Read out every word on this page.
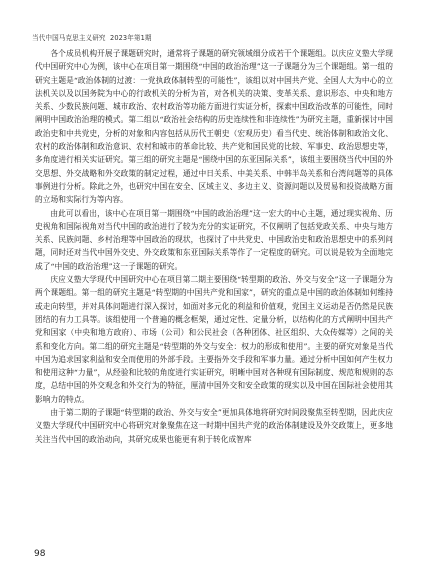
当代中国马克思主义研究 2023年第1期

各个成员机构开展子课题研究时，通常将子课题的研究领域细分成若干个课题组。以庆应义塾大学现代中国研究中心为例，该中心在项目第一期围绕“中国的政治治理”这一子课题分为三个课题组。第一组的研究主题是“政治体制的过渡：一党执政体制转型的可能性”，该组以对中国共产党、全国人大为中心的立法机关以及以国务院为中心的行政机关的分析为首，对各机关的决策、变革关系、意识形态、中央和地方关系、少数民族问题、城市政治、农村政治等功能方面进行实证分析，探索中国政治改革的可能性，同时阐明中国政治治理的模式。第二组以“政治社会结构的历史连续性和非连续性”为研究主题，重新探讨中国政治史和中共党史，分析的对象和内容包括从历代王朝史（宏观历史）看当代史、统治体制和政治文化、农村的政治体制和政治意识、农村和城市的革命比较、共产党和国民党的比较、军事史、政治思想史等，多角度进行相关实证研究。第三组的研究主题是“围绕中国的东亚国际关系”，该组主要围绕当代中国的外交思想、外交战略和外交政策的制定过程，通过中日关系、中美关系、中韩半岛关系和台湾问题等的具体事例进行分析。除此之外，也研究中国在安全、区域主义、多边主义、资源问题以及贸易和投资战略方面的立场和实际行为等内容。

由此可以看出，该中心在项目第一期围绕“中国的政治治理”这一宏大的中心主题，通过现实视角、历史视角和国际视角对当代中国的政治进行了较为充分的实证研究，不仅阐明了包括党政关系、中央与地方关系、民族问题、乡村治理等中国政治的现状，也探讨了中共党史、中国政治史和政治思想史中的系列问题，同时还对当代中国外交史、外交政策和东亚国际关系等作了一定程度的研究。可以说是较为全面地完成了“中国的政治治理”这一子课题的研究。

庆应义塾大学现代中国研究中心在项目第二期主要围绕“转型期的政治、外交与安全”这一子课题分为两个课题组。第一组的研究主题是“转型期的中国共产党和国家”，研究的重点是中国的政治体制如何维持或走向转型，并对具体问题进行深入探讨，如面对多元化的利益和价值观，党国主义运动是否仍然是民族团结的有力工具等。该组使用一个普遍的概念框架，通过定性、定量分析，以结构化的方式阐明中国共产党和国家（中央和地方政府）、市场（公司）和公民社会（各种团体、社区组织、大众传媒等）之间的关系和变化方向。第二组的研究主题是“转型期的外交与安全：权力的形成和使用”。主要的研究对象是当代中国为追求国家利益和安全而使用的外部手段。主要指外交手段和军事力量。通过分析中国如何产生权力和使用这种“力量”，从经验和比较的角度进行实证研究，明晰中国对各种现有国际制度、规范和规则的态度，总结中国的外交观念和外交行为的特征，厘清中国外交和安全政策的现实以及中国在国际社会使用其影响力的特点。

由于第二期的子课题“转型期的政治、外交与安全”更加具体地将研究时间段聚焦至转型期，因此庆应义塾大学现代中国研究中心将研究对象聚焦在这一时期中国共产党的政治体制建设及外交政策上，更多地关注当代中国的政治动向，其研究成果也能更有利于转化成智库

98
